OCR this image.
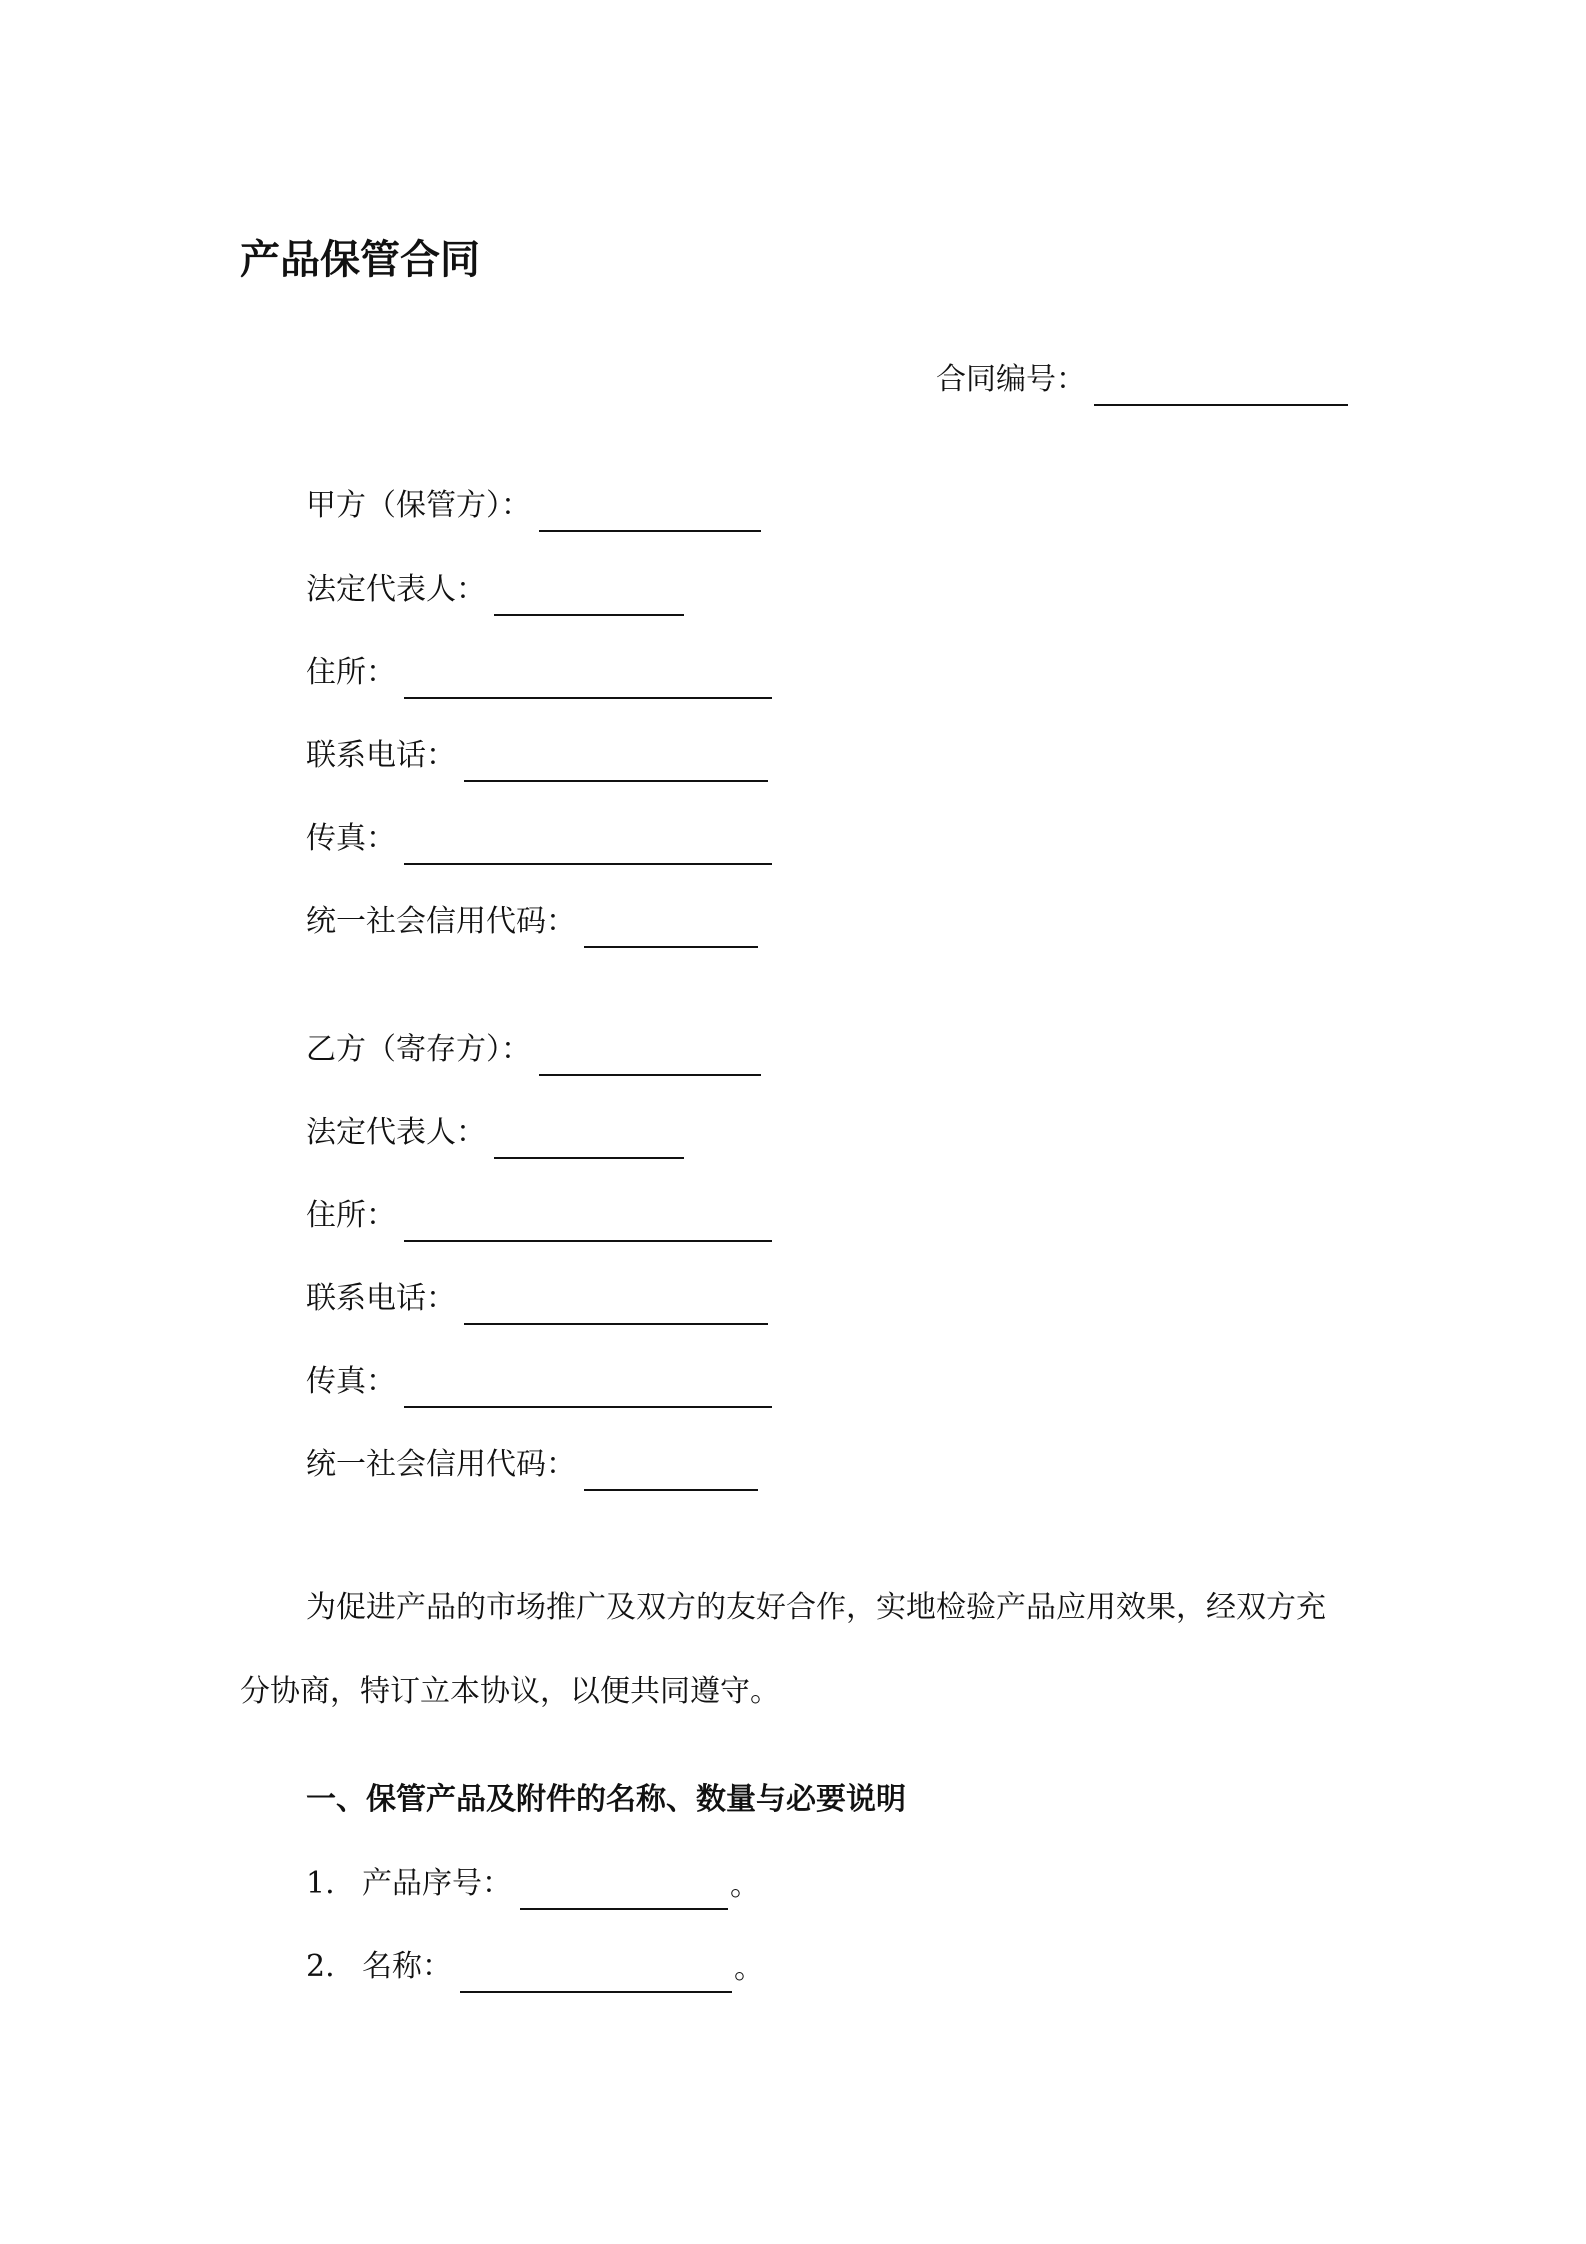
产品保管合同
合同编号：
甲方（保管方）：
法定代表人：
住所：
联系电话：
传真：
统一社会信用代码：
乙方（寄存方）：
法定代表人：
住所：
联系电话：
传真：
统一社会信用代码：
为促进产品的市场推广及双方的友好合作，实地检验产品应用效果，经双方充分协商，特订立本协议，以便共同遵守。
一、保管产品及附件的名称、数量与必要说明
1. 产品序号：	。
2. 名称：	。
